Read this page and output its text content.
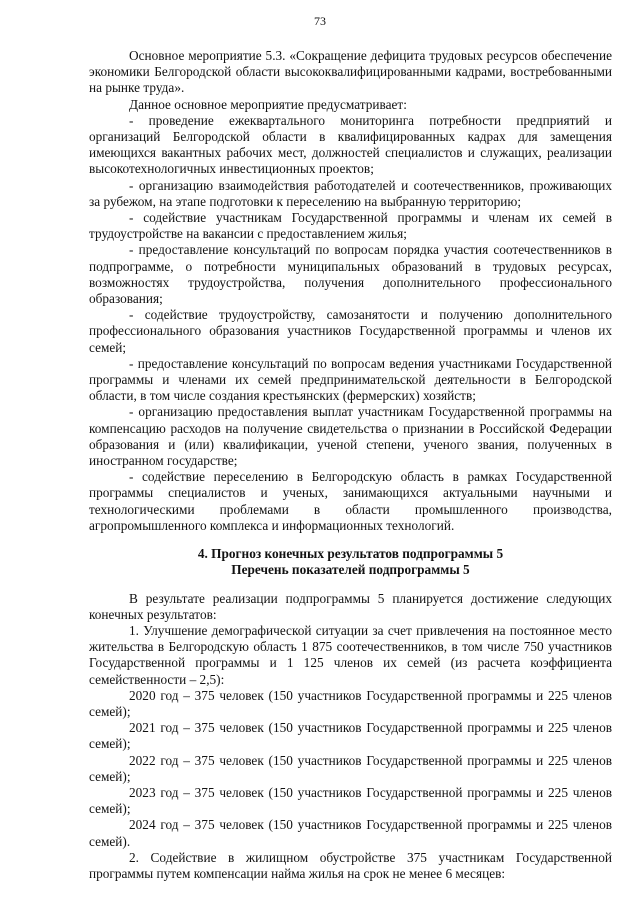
73

Основное мероприятие 5.3. «Сокращение дефицита трудовых ресурсов обеспечение экономики Белгородской области высококвалифицированными кадрами, востребованными на рынке труда».

Данное основное мероприятие предусматривает:

- проведение ежеквартального мониторинга потребности предприятий и организаций Белгородской области в квалифицированных кадрах для замещения имеющихся вакантных рабочих мест, должностей специалистов и служащих, реализации высокотехнологичных инвестиционных проектов;

- организацию взаимодействия работодателей и соотечественников, проживающих за рубежом, на этапе подготовки к переселению на выбранную территорию;

- содействие участникам Государственной программы и членам их семей в трудоустройстве на вакансии с предоставлением жилья;

- предоставление консультаций по вопросам порядка участия соотечественников в подпрограмме, о потребности муниципальных образований в трудовых ресурсах, возможностях трудоустройства, получения дополнительного профессионального образования;

- содействие трудоустройству, самозанятости и получению дополнительного профессионального образования участников Государственной программы и членов их семей;

- предоставление консультаций по вопросам ведения участниками Государственной программы и членами их семей предпринимательской деятельности в Белгородской области, в том числе создания крестьянских (фермерских) хозяйств;

- организацию предоставления выплат участникам Государственной программы на компенсацию расходов на получение свидетельства о признании в Российской Федерации образования и (или) квалификации, ученой степени, ученого звания, полученных в иностранном государстве;

- содействие переселению в Белгородскую область в рамках Государственной программы специалистов и ученых, занимающихся актуальными научными и технологическими проблемами в области промышленного производства, агропромышленного комплекса и информационных технологий.

4. Прогноз конечных результатов подпрограммы 5
Перечень показателей подпрограммы 5

В результате реализации подпрограммы 5 планируется достижение следующих конечных результатов:

1. Улучшение демографической ситуации за счет привлечения на постоянное место жительства в Белгородскую область 1 875 соотечественников, в том числе 750 участников Государственной программы и 1 125 членов их семей (из расчета коэффициента семейственности – 2,5):

2020 год – 375 человек (150 участников Государственной программы и 225 членов семей);

2021 год – 375 человек (150 участников Государственной программы и 225 членов семей);

2022 год – 375 человек (150 участников Государственной программы и 225 членов семей);

2023 год – 375 человек (150 участников Государственной программы и 225 членов семей);

2024 год – 375 человек (150 участников Государственной программы и 225 членов семей).

2. Содействие в жилищном обустройстве 375 участникам Государственной программы путем компенсации найма жилья на срок не менее 6 месяцев:
